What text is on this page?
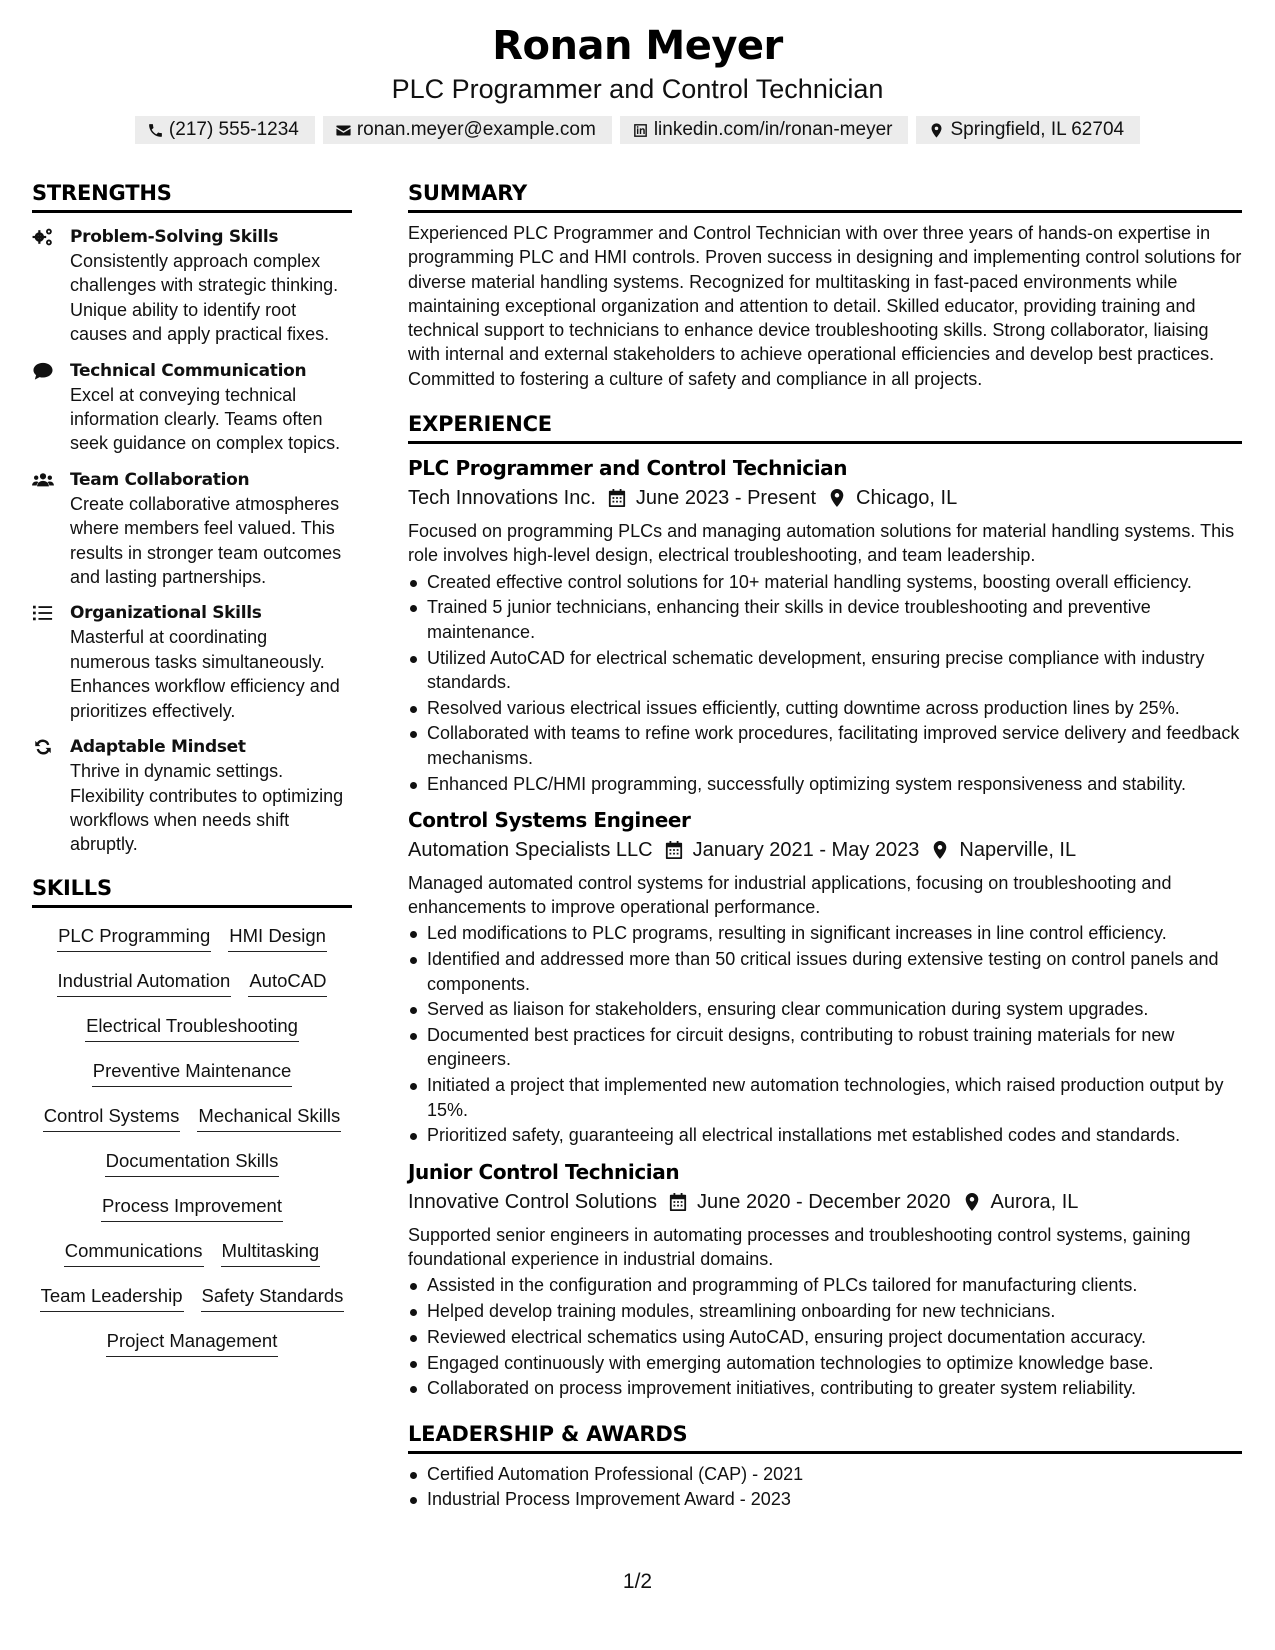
Ronan Meyer
PLC Programmer and Control Technician
(217) 555-1234	ronan.meyer@example.com	linkedin.com/in/ronan-meyer	Springfield, IL 62704
STRENGTHS
Problem-Solving Skills
Consistently approach complex challenges with strategic thinking. Unique ability to identify root causes and apply practical fixes.
Technical Communication
Excel at conveying technical information clearly. Teams often seek guidance on complex topics.
Team Collaboration
Create collaborative atmospheres where members feel valued. This results in stronger team outcomes and lasting partnerships.
Organizational Skills
Masterful at coordinating numerous tasks simultaneously. Enhances workflow efficiency and prioritizes effectively.
Adaptable Mindset
Thrive in dynamic settings. Flexibility contributes to optimizing workflows when needs shift abruptly.
SKILLS
PLC Programming HMI Design
Industrial Automation AutoCAD
Electrical Troubleshooting
Preventive Maintenance
Control Systems Mechanical Skills
Documentation Skills
Process Improvement
Communications Multitasking
Team Leadership Safety Standards
Project Management
SUMMARY
Experienced PLC Programmer and Control Technician with over three years of hands-on expertise in programming PLC and HMI controls. Proven success in designing and implementing control solutions for diverse material handling systems. Recognized for multitasking in fast-paced environments while maintaining exceptional organization and attention to detail. Skilled educator, providing training and technical support to technicians to enhance device troubleshooting skills. Strong collaborator, liaising with internal and external stakeholders to achieve operational efficiencies and develop best practices. Committed to fostering a culture of safety and compliance in all projects.
EXPERIENCE
PLC Programmer and Control Technician
Tech Innovations Inc. June 2023 - Present Chicago, IL
Focused on programming PLCs and managing automation solutions for material handling systems. This role involves high-level design, electrical troubleshooting, and team leadership.
Created effective control solutions for 10+ material handling systems, boosting overall efficiency.
Trained 5 junior technicians, enhancing their skills in device troubleshooting and preventive maintenance.
Utilized AutoCAD for electrical schematic development, ensuring precise compliance with industry standards.
Resolved various electrical issues efficiently, cutting downtime across production lines by 25%.
Collaborated with teams to refine work procedures, facilitating improved service delivery and feedback mechanisms.
Enhanced PLC/HMI programming, successfully optimizing system responsiveness and stability.
Control Systems Engineer
Automation Specialists LLC January 2021 - May 2023 Naperville, IL
Managed automated control systems for industrial applications, focusing on troubleshooting and enhancements to improve operational performance.
Led modifications to PLC programs, resulting in significant increases in line control efficiency.
Identified and addressed more than 50 critical issues during extensive testing on control panels and components.
Served as liaison for stakeholders, ensuring clear communication during system upgrades.
Documented best practices for circuit designs, contributing to robust training materials for new engineers.
Initiated a project that implemented new automation technologies, which raised production output by 15%.
Prioritized safety, guaranteeing all electrical installations met established codes and standards.
Junior Control Technician
Innovative Control Solutions June 2020 - December 2020 Aurora, IL
Supported senior engineers in automating processes and troubleshooting control systems, gaining foundational experience in industrial domains.
Assisted in the configuration and programming of PLCs tailored for manufacturing clients.
Helped develop training modules, streamlining onboarding for new technicians.
Reviewed electrical schematics using AutoCAD, ensuring project documentation accuracy.
Engaged continuously with emerging automation technologies to optimize knowledge base.
Collaborated on process improvement initiatives, contributing to greater system reliability.
LEADERSHIP & AWARDS
Certified Automation Professional (CAP) - 2021
Industrial Process Improvement Award - 2023
1/2
